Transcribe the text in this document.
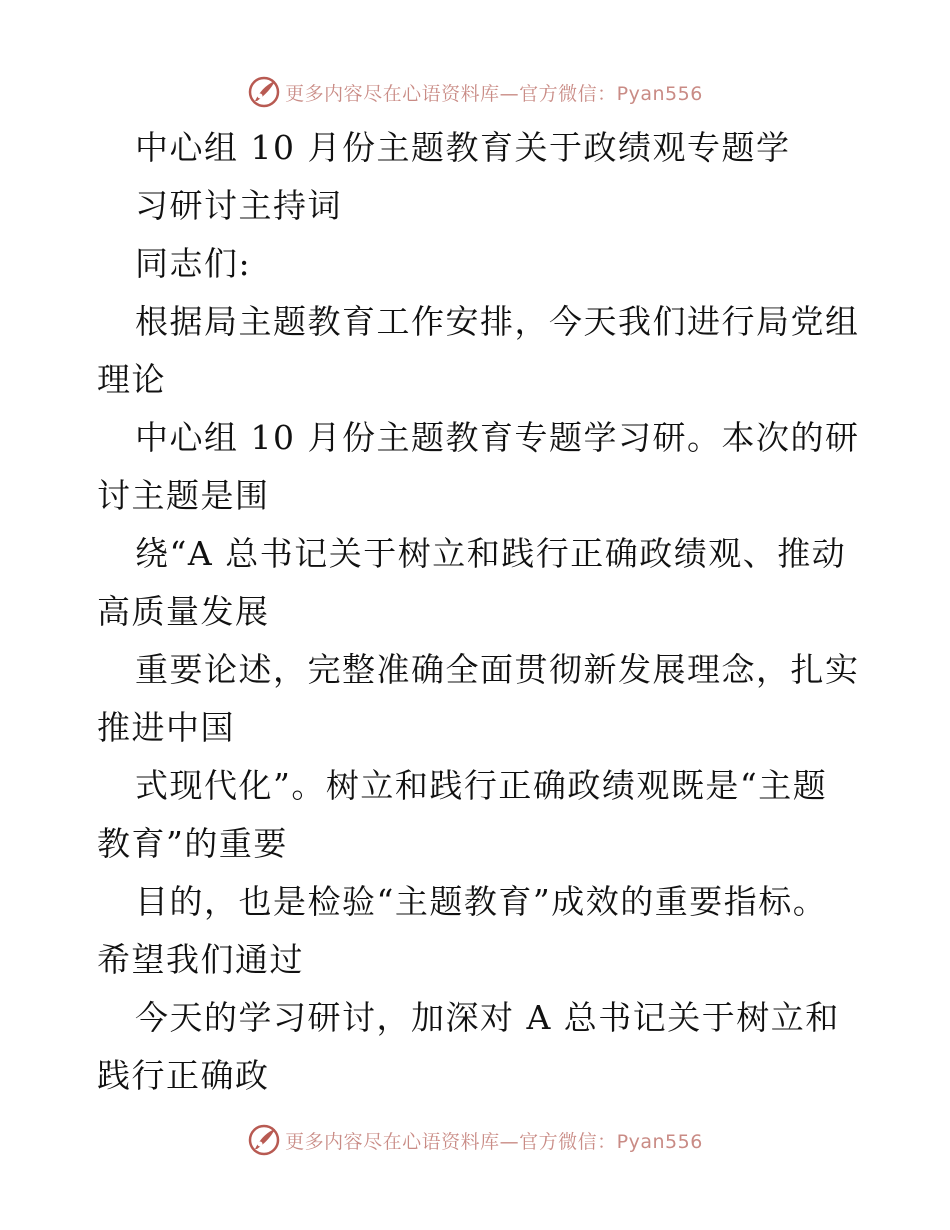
更多内容尽在心语资料库—官方微信：Pyan556
中心组 10 月份主题教育关于政绩观专题学
习研讨主持词
同志们:
根据局主题教育工作安排，今天我们进行局党组
理论
中心组 10 月份主题教育专题学习研。本次的研
讨主题是围
绕“A 总书记关于树立和践行正确政绩观、推动
高质量发展
重要论述，完整准确全面贯彻新发展理念，扎实
推进中国
式现代化”。树立和践行正确政绩观既是“主题
教育”的重要
目的，也是检验“主题教育”成效的重要指标。
希望我们通过
今天的学习研讨，加深对 A 总书记关于树立和
践行正确政
更多内容尽在心语资料库—官方微信：Pyan556
